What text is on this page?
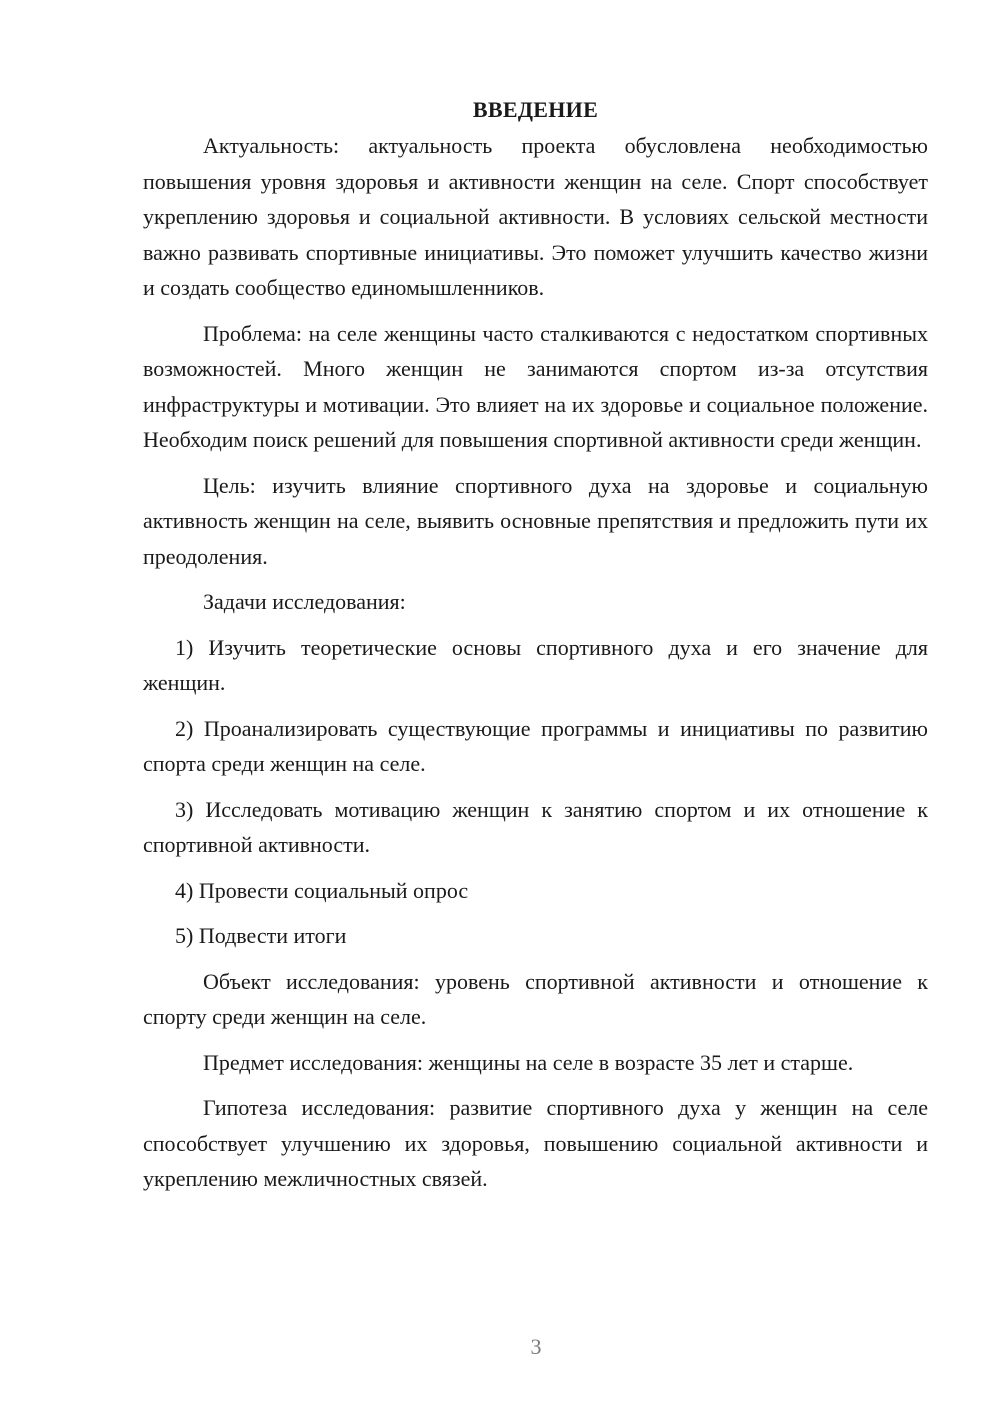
ВВЕДЕНИЕ

Актуальность: актуальность проекта обусловлена необходимостью повышения уровня здоровья и активности женщин на селе. Спорт способствует укреплению здоровья и социальной активности. В условиях сельской местности важно развивать спортивные инициативы. Это поможет улучшить качество жизни и создать сообщество единомышленников.

Проблема: на селе женщины часто сталкиваются с недостатком спортивных возможностей. Много женщин не занимаются спортом из-за отсутствия инфраструктуры и мотивации. Это влияет на их здоровье и социальное положение. Необходим поиск решений для повышения спортивной активности среди женщин.

Цель: изучить влияние спортивного духа на здоровье и социальную активность женщин на селе, выявить основные препятствия и предложить пути их преодоления.

Задачи исследования:

1) Изучить теоретические основы спортивного духа и его значение для женщин.

2) Проанализировать существующие программы и инициативы по развитию спорта среди женщин на селе.

3) Исследовать мотивацию женщин к занятию спортом и их отношение к спортивной активности.

4) Провести социальный опрос

5) Подвести итоги

Объект исследования: уровень спортивной активности и отношение к спорту среди женщин на селе.

Предмет исследования: женщины на селе в возрасте 35 лет и старше.

Гипотеза исследования: развитие спортивного духа у женщин на селе способствует улучшению их здоровья, повышению социальной активности и укреплению межличностных связей.

3
